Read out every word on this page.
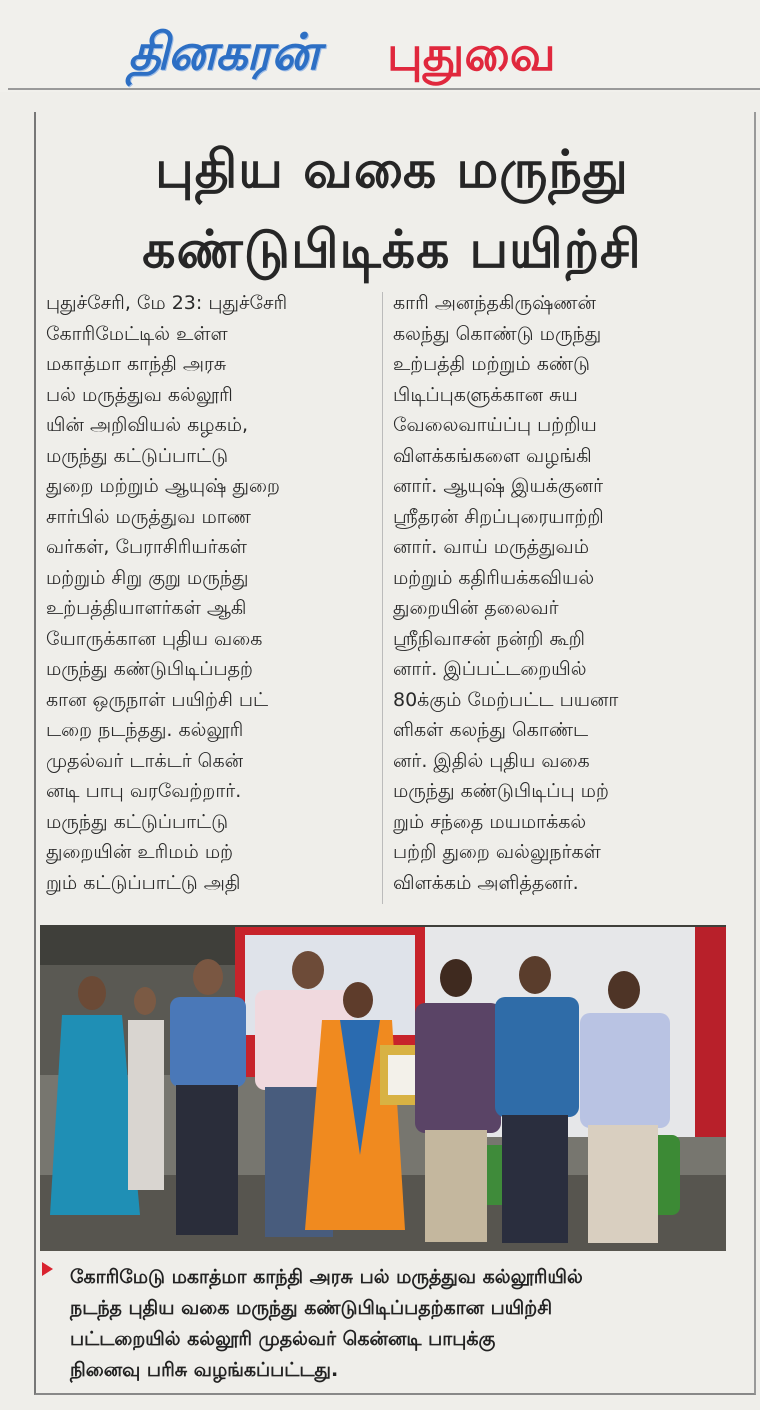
தினகரன் புதுவை
புதிய வகை மருந்து
கண்டுபிடிக்க பயிற்சி
புதுச்சேரி, மே 23: புதுச்சேரி
கோரிமேட்டில் உள்ள
மகாத்மா காந்தி அரசு
பல் மருத்துவ கல்லூரி
யின் அறிவியல் கழகம்,
மருந்து கட்டுப்பாட்டு
துறை மற்றும் ஆயுஷ் துறை
சார்பில் மருத்துவ மாண
வர்கள், பேராசிரியர்கள்
மற்றும் சிறு குறு மருந்து
உற்பத்தியாளர்கள் ஆகி
யோருக்கான புதிய வகை
மருந்து கண்டுபிடிப்பதற்
கான ஒருநாள் பயிற்சி பட்
டறை நடந்தது. கல்லூரி
முதல்வர் டாக்டர் கென்
னடி பாபு வரவேற்றார்.
மருந்து கட்டுப்பாட்டு
துறையின் உரிமம் மற்
றும் கட்டுப்பாட்டு அதி
காரி அனந்தகிருஷ்ணன்
கலந்து கொண்டு மருந்து
உற்பத்தி மற்றும் கண்டு
பிடிப்புகளுக்கான சுய
வேலைவாய்ப்பு பற்றிய
விளக்கங்களை வழங்கி
னார். ஆயுஷ் இயக்குனர்
ஸ்ரீதரன் சிறப்புரையாற்றி
னார். வாய் மருத்துவம்
மற்றும் கதிரியக்கவியல்
துறையின் தலைவர்
ஸ்ரீநிவாசன் நன்றி கூறி
னார். இப்பட்டறையில்
80க்கும் மேற்பட்ட பயனா
ளிகள் கலந்து கொண்ட
னர். இதில் புதிய வகை
மருந்து கண்டுபிடிப்பு மற்
றும் சந்தை மயமாக்கல்
பற்றி துறை வல்லுநர்கள்
விளக்கம் அளித்தனர்.
கோரிமேடு மகாத்மா காந்தி அரசு பல் மருத்துவ கல்லூரியில்
நடந்த புதிய வகை மருந்து கண்டுபிடிப்பதற்கான பயிற்சி
பட்டறையில் கல்லூரி முதல்வர் கென்னடி பாபுக்கு
நினைவு பரிசு வழங்கப்பட்டது.
